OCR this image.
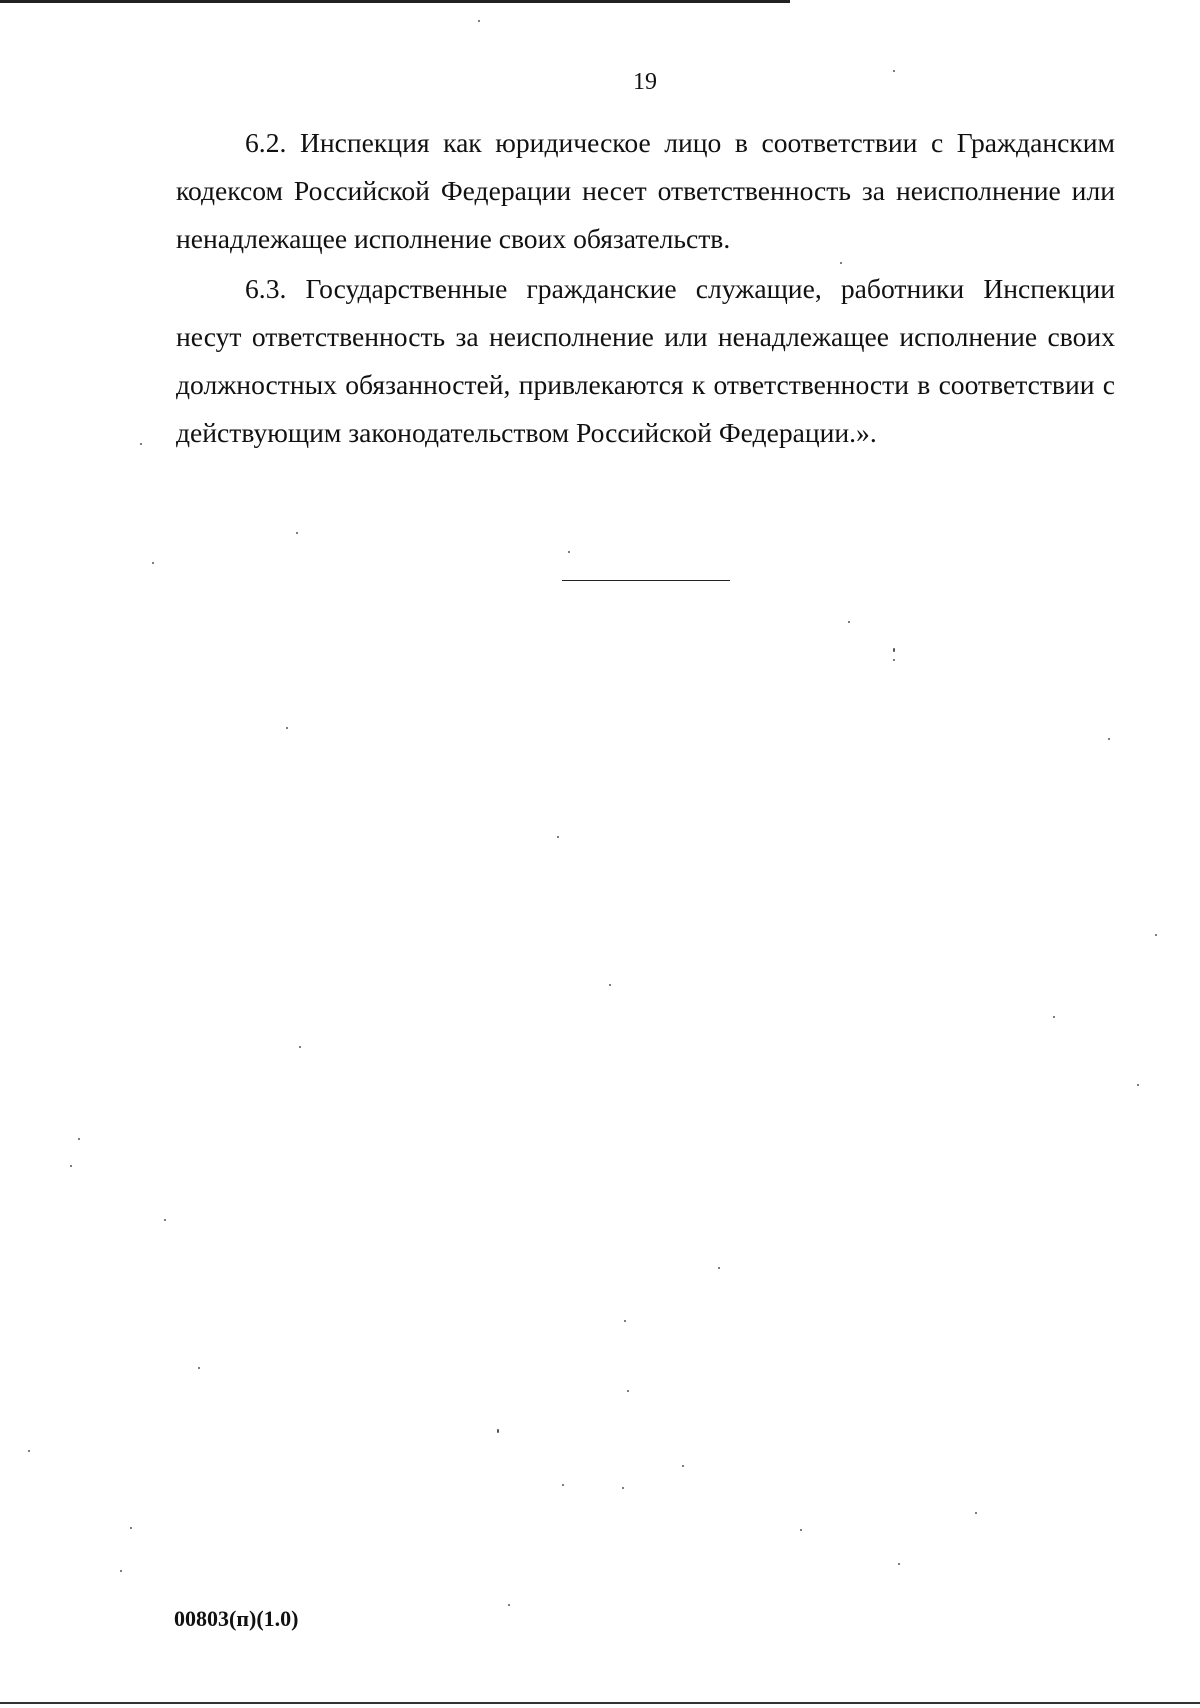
19

6.2. Инспекция как юридическое лицо в соответствии с Гражданским кодексом Российской Федерации несет ответственность за неисполнение или ненадлежащее исполнение своих обязательств.

6.3. Государственные гражданские служащие, работники Инспекции несут ответственность за неисполнение или ненадлежащее исполнение своих должностных обязанностей, привлекаются к ответственности в соответствии с действующим законодательством Российской Федерации.».

00803(п)(1.0)
